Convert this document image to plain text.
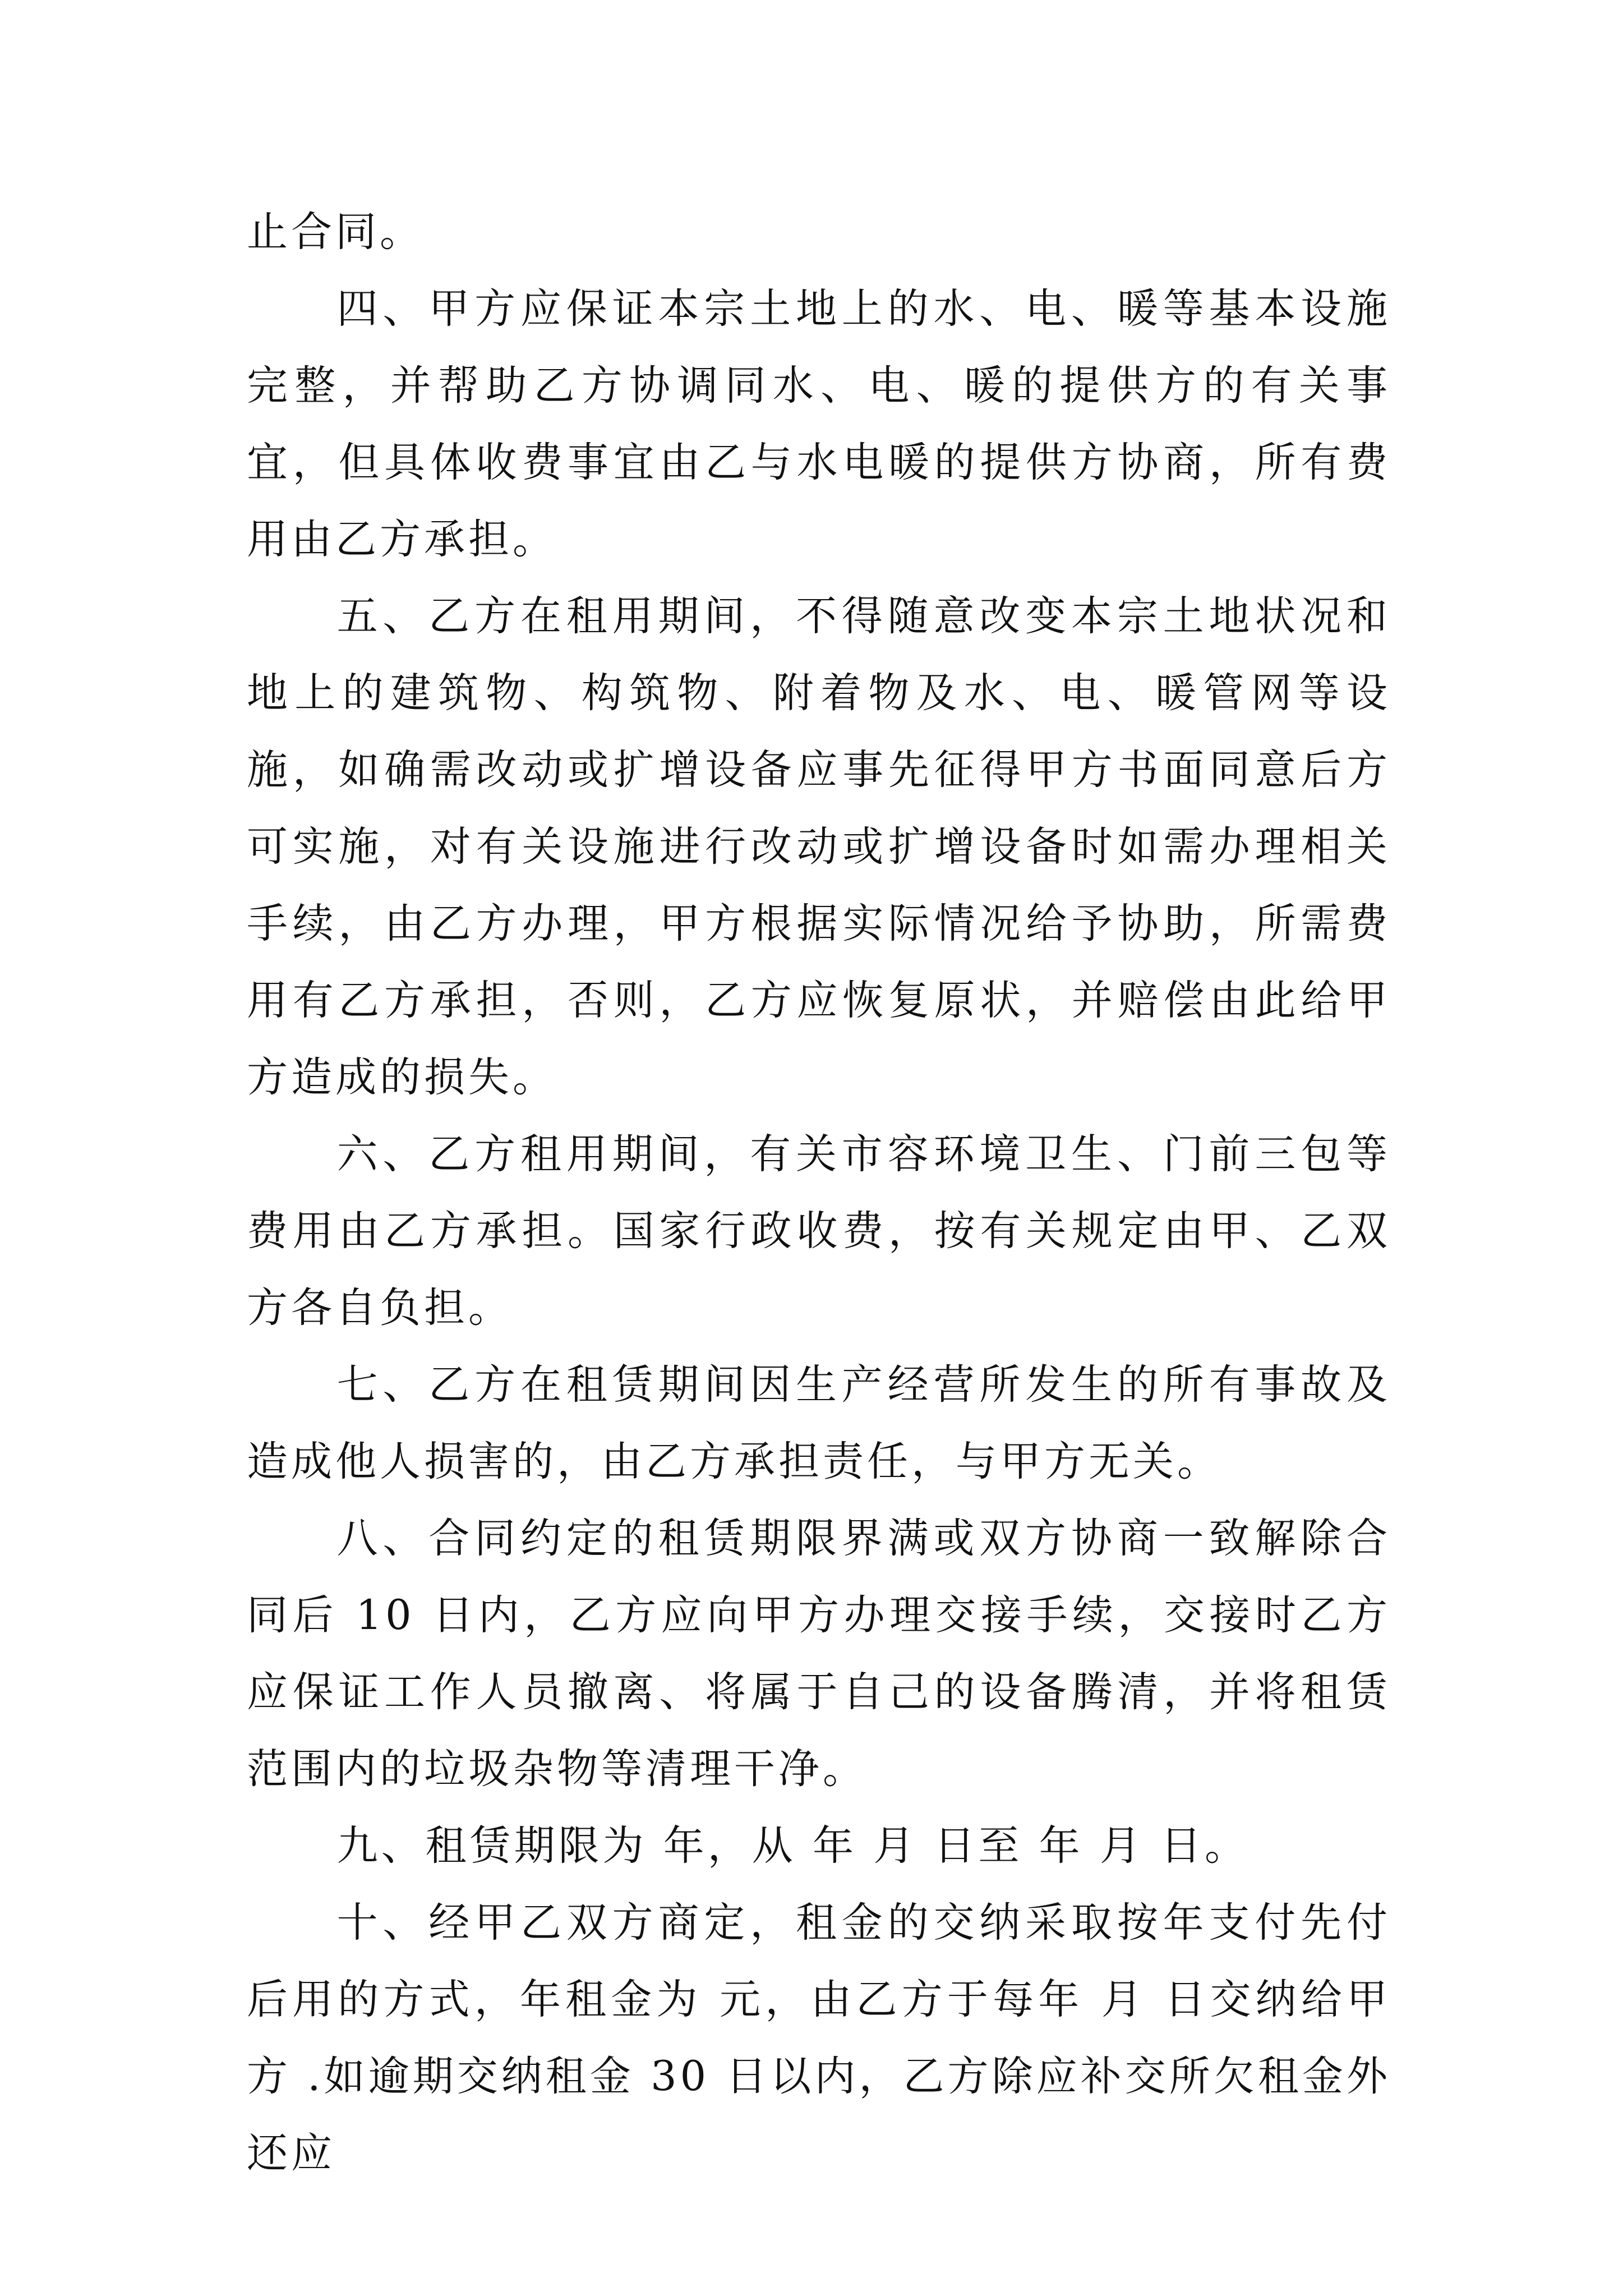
止合同。

四、甲方应保证本宗土地上的水、电、暖等基本设施完整，并帮助乙方协调同水、电、暖的提供方的有关事宜，但具体收费事宜由乙与水电暖的提供方协商，所有费用由乙方承担。

五、乙方在租用期间，不得随意改变本宗土地状况和地上的建筑物、构筑物、附着物及水、电、暖管网等设施，如确需改动或扩增设备应事先征得甲方书面同意后方可实施，对有关设施进行改动或扩增设备时如需办理相关手续，由乙方办理，甲方根据实际情况给予协助，所需费用有乙方承担，否则，乙方应恢复原状，并赔偿由此给甲方造成的损失。

六、乙方租用期间，有关市容环境卫生、门前三包等费用由乙方承担。国家行政收费，按有关规定由甲、乙双方各自负担。

七、乙方在租赁期间因生产经营所发生的所有事故及造成他人损害的，由乙方承担责任，与甲方无关。

八、合同约定的租赁期限界满或双方协商一致解除合同后 10 日内，乙方应向甲方办理交接手续，交接时乙方应保证工作人员撤离、将属于自己的设备腾清，并将租赁范围内的垃圾杂物等清理干净。

九、租赁期限为 年，从 年 月 日至 年 月 日。

十、经甲乙双方商定，租金的交纳采取按年支付先付后用的方式，年租金为 元，由乙方于每年 月 日交纳给甲方 .如逾期交纳租金 30 日以内，乙方除应补交所欠租金外还应
